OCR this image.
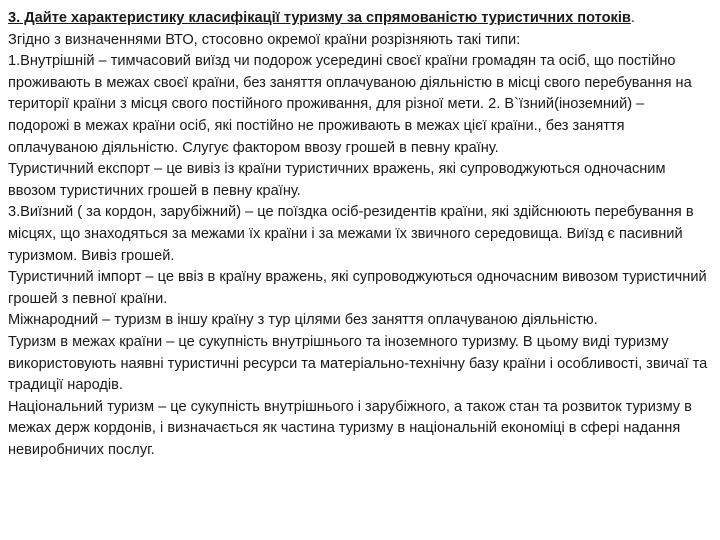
3. Дайте характеристику класифікації туризму за спрямованістю туристичних потоків.

Згідно з визначеннями ВТО, стосовно окремої країни розрізняють такі типи:

1.Внутрішній – тимчасовий виїзд чи подорож усередині своєї країни громадян та осіб, що постійно проживають в межах своєї країни, без заняття оплачуваною діяльністю в місці свого перебування на території країни з місця свого постійного проживання, для різної мети. 2. В`їзний(іноземний) – подорожі в межах країни осіб, які постійно не проживають в межах цієї країни., без заняття оплачуваною діяльністю. Слугує фактором ввозу грошей в певну країну.

Туристичний експорт – це вивіз із країни туристичних вражень, які супроводжуються одночасним ввозом туристичних грошей в певну країну.

3.Виїзний ( за кордон, зарубіжний) – це поїздка осіб-резидентів країни, які здійснюють перебування в місцях, що знаходяться за межами їх країни і за межами їх звичного середовища. Виїзд є пасивний туризмом. Вивіз грошей.

Туристичний імпорт – це ввіз в країну вражень, які супроводжуються одночасним вивозом туристичний грошей з певної країни.

Міжнародний – туризм в іншу країну з тур цілями без заняття оплачуваною діяльністю.

Туризм в межах країни – це сукупність внутрішнього та іноземного туризму. В цьому виді туризму використовують наявні туристичні ресурси та матеріально-технічну базу країни і особливості, звичаї та традиції народів.

Національний туризм – це сукупність внутрішнього і зарубіжного, а також стан та розвиток туризму в межах держ кордонів, і визначається як частина туризму в національній економіці в сфері надання невиробничих послуг.
